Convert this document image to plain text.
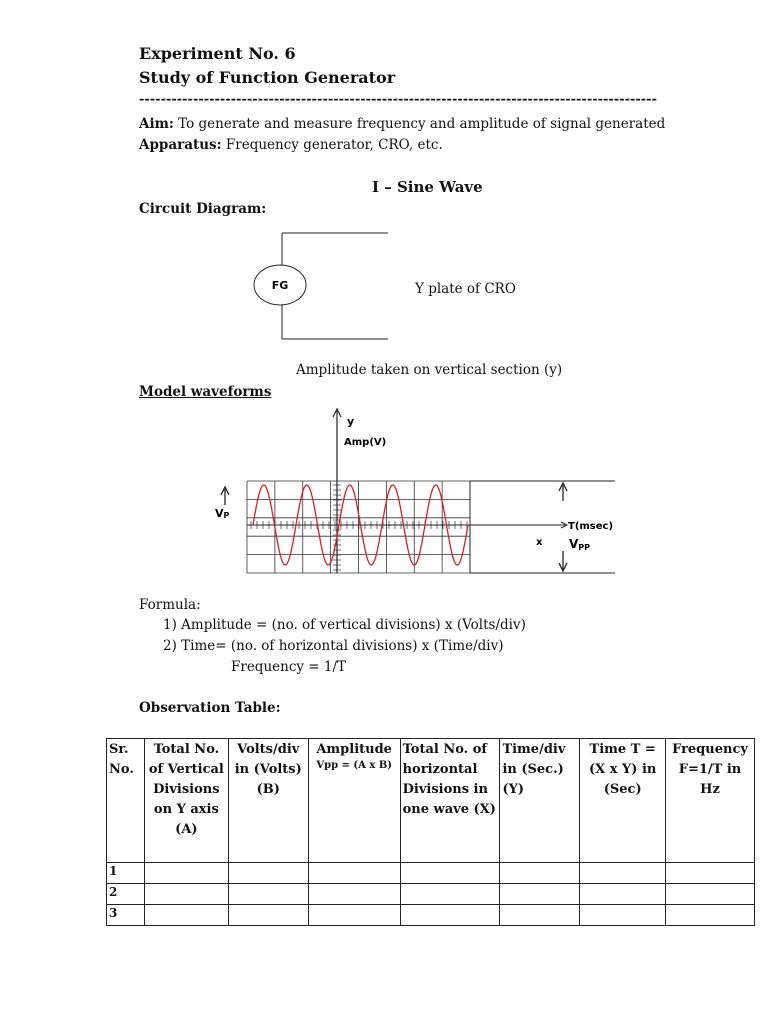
Experiment No. 6
Study of Function Generator
------------------------------------------------------------------------------------------------
Aim: To generate and measure frequency and amplitude of signal generated
Apparatus: Frequency generator, CRO, etc.
I – Sine Wave
Circuit Diagram:
FG	Y plate of CRO
Amplitude taken on vertical section (y)
Model waveforms
y
Amp(V)
T(msec)
x VPP
VP
Formula:
1) Amplitude = (no. of vertical divisions) x (Volts/div)
2) Time= (no. of horizontal divisions) x (Time/div)
Frequency = 1/T
Observation Table:
Sr. No.	Total No. of Vertical Divisions on Y axis (A)	Volts/div in (Volts) (B)	Amplitude
Vpp = (A x B)	Total No. of horizontal Divisions in one wave (X)	Time/div in (Sec.) (Y)	Time T = (X x Y) in (Sec)	Frequency F=1/T in Hz
1							
2							
3							
